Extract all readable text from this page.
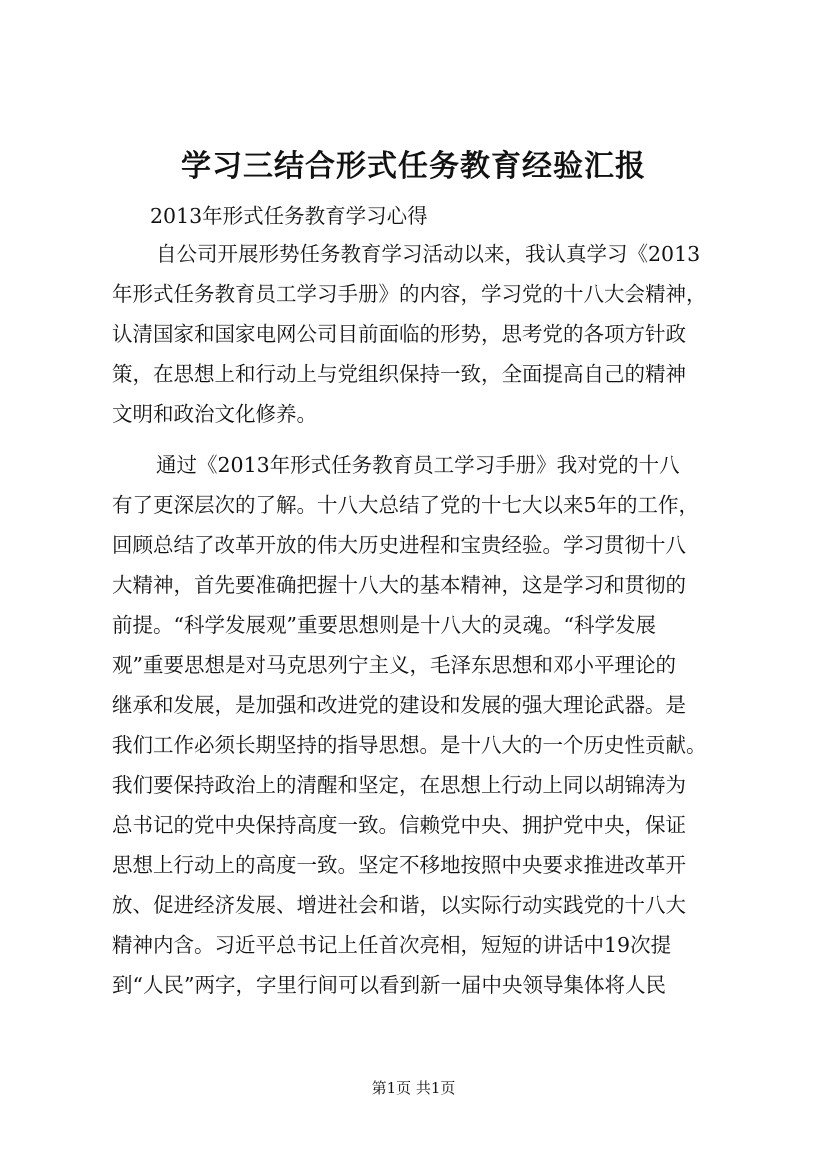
学习三结合形式任务教育经验汇报
2013年形式任务教育学习心得
自公司开展形势任务教育学习活动以来，我认真学习《2013
年形式任务教育员工学习手册》的内容，学习党的十八大会精神，
认清国家和国家电网公司目前面临的形势，思考党的各项方针政
策，在思想上和行动上与党组织保持一致，全面提高自己的精神
文明和政治文化修养。
通过《2013年形式任务教育员工学习手册》我对党的十八
有了更深层次的了解。十八大总结了党的十七大以来5年的工作，
回顾总结了改革开放的伟大历史进程和宝贵经验。学习贯彻十八
大精神，首先要准确把握十八大的基本精神，这是学习和贯彻的
前提。“科学发展观”重要思想则是十八大的灵魂。“科学发展
观”重要思想是对马克思列宁主义，毛泽东思想和邓小平理论的
继承和发展，是加强和改进党的建设和发展的强大理论武器。是
我们工作必须长期坚持的指导思想。是十八大的一个历史性贡献。
我们要保持政治上的清醒和坚定，在思想上行动上同以胡锦涛为
总书记的党中央保持高度一致。信赖党中央、拥护党中央，保证
思想上行动上的高度一致。坚定不移地按照中央要求推进改革开
放、促进经济发展、增进社会和谐，以实际行动实践党的十八大
精神内含。习近平总书记上任首次亮相，短短的讲话中19次提
到“人民”两字，字里行间可以看到新一届中央领导集体将人民
第1页 共1页
